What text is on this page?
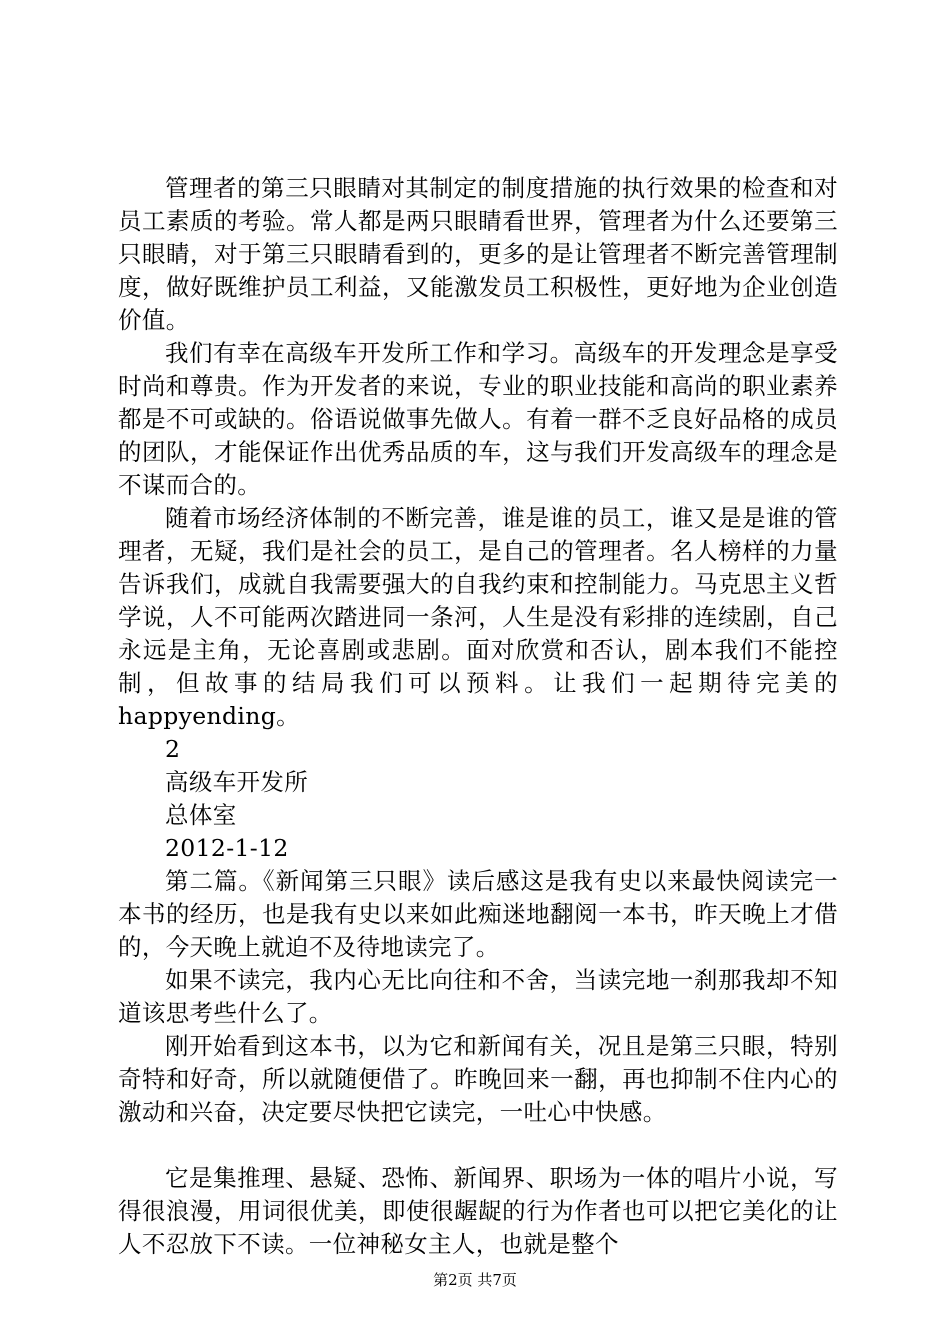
管理者的第三只眼睛对其制定的制度措施的执行效果的检查和对员工素质的考验。常人都是两只眼睛看世界，管理者为什么还要第三只眼睛，对于第三只眼睛看到的，更多的是让管理者不断完善管理制度，做好既维护员工利益，又能激发员工积极性，更好地为企业创造价值。

我们有幸在高级车开发所工作和学习。高级车的开发理念是享受时尚和尊贵。作为开发者的来说，专业的职业技能和高尚的职业素养都是不可或缺的。俗语说做事先做人。有着一群不乏良好品格的成员的团队，才能保证作出优秀品质的车，这与我们开发高级车的理念是不谋而合的。

随着市场经济体制的不断完善，谁是谁的员工，谁又是是谁的管理者，无疑，我们是社会的员工，是自己的管理者。名人榜样的力量告诉我们，成就自我需要强大的自我约束和控制能力。马克思主义哲学说，人不可能两次踏进同一条河，人生是没有彩排的连续剧，自己永远是主角，无论喜剧或悲剧。面对欣赏和否认，剧本我们不能控制，但故事的结局我们可以预料。让我们一起期待完美的happyending。

2

高级车开发所

总体室

2012-1-12

第二篇。《新闻第三只眼》读后感这是我有史以来最快阅读完一本书的经历，也是我有史以来如此痴迷地翻阅一本书，昨天晚上才借的，今天晚上就迫不及待地读完了。

如果不读完，我内心无比向往和不舍，当读完地一刹那我却不知道该思考些什么了。

刚开始看到这本书，以为它和新闻有关，况且是第三只眼，特别奇特和好奇，所以就随便借了。昨晚回来一翻，再也抑制不住内心的激动和兴奋，决定要尽快把它读完，一吐心中快感。

它是集推理、悬疑、恐怖、新闻界、职场为一体的唱片小说，写得很浪漫，用词很优美，即使很龌龊的行为作者也可以把它美化的让人不忍放下不读。一位神秘女主人，也就是整个

第2页 共7页
